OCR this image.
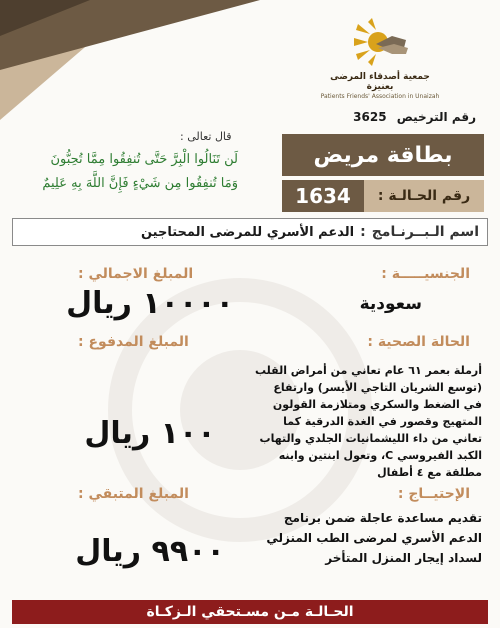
جمعية أصدقاء المرضى بعنيزة
Patients Friends' Association in Unaizah
رقم الترخيص 3625
قال تعالى :
لَن تَنَالُوا الْبِرَّ حَتَّى تُنفِقُوا مِمَّا تُحِبُّونَ
وَمَا تُنفِقُوا مِن شَيْءٍ فَإِنَّ اللَّهَ بِهِ عَلِيمٌ
بطاقة مريض
رقم الحـالـة :
1634
اسم الـبــرنـامج
:
الدعم الأسري للمرضى المحتاجين
الجنسيـــــة :
سعودية
الحالة الصحية :

أرملة بعمر ٦١ عام تعاني من أمراض القلب (توسع الشريان التاجي الأيسر) وارتفاع في الضغط والسكري ومتلازمة القولون المتهيج وقصور في الغدة الدرقية كما تعاني من داء الليشمانيات الجلدي والتهاب الكبد الفيروسي C، وتعول ابنتين وابنه مطلقة مع ٤ أطفال

الإحتيــاج :

تقديم مساعدة عاجلة ضمن برنامج الدعم الأسري لمرضى الطب المنزلي لسداد إيجار المنزل المتأخر

المبلغ الاجمالي :
١٠٠٠٠ ريال
المبلغ المدفوع :
١٠٠ ريال
المبلغ المتبقي :
٩٩٠٠ ريال
الحـالـة مـن مسـتحقي الـزكـاة
